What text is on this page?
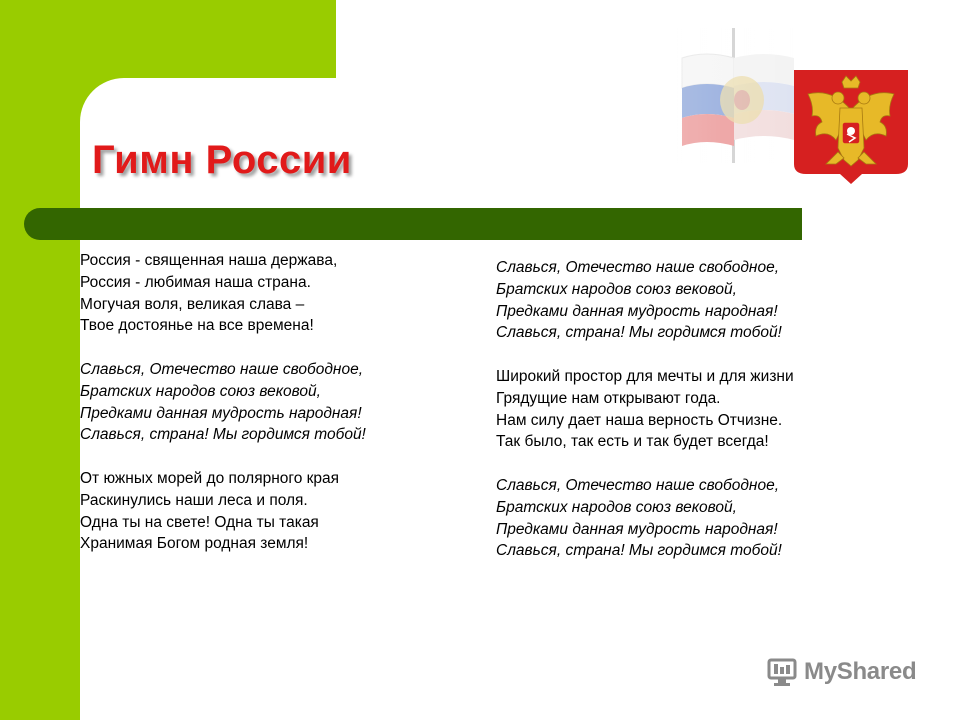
Гимн России
Россия - священная наша держава,
Россия - любимая наша страна.
Могучая воля, великая слава –
Твое достоянье на все времена!
Славься, Отечество наше свободное,
Братских народов союз вековой,
Предками данная мудрость народная!
Славься, страна! Мы гордимся тобой!
От южных морей до полярного края
Раскинулись наши леса и поля.
Одна ты на свете! Одна ты такая
Хранимая Богом родная земля!
Славься, Отечество наше свободное,
Братских народов союз вековой,
Предками данная мудрость народная!
Славься, страна! Мы гордимся тобой!
Широкий простор для мечты и для жизни
Грядущие нам открывают года.
Нам силу дает наша верность Отчизне.
Так было, так есть и так будет всегда!
Славься, Отечество наше свободное,
Братских народов союз вековой,
Предками данная мудрость народная!
Славься, страна! Мы гордимся тобой!
MyShared
